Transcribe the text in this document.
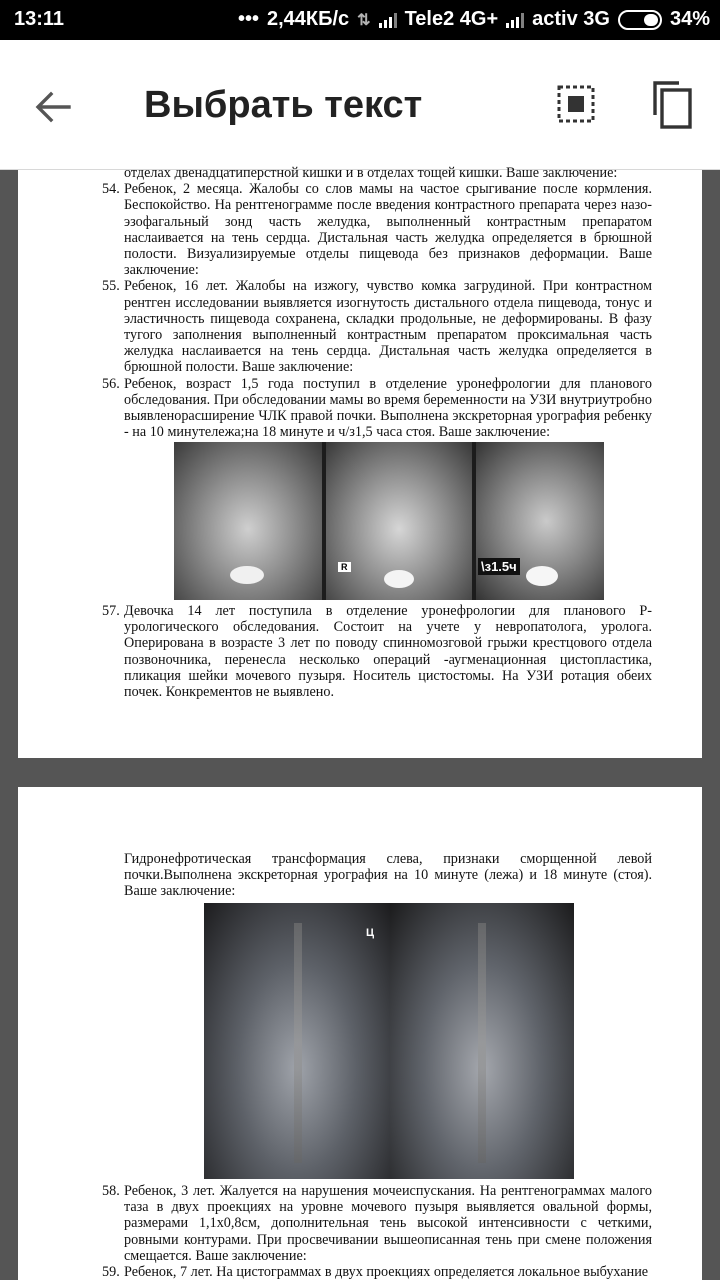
13:11	••• 2,44КБ/с ⇅ Tele2 4G+ activ 3G	34%
Выбрать текст
отделах двенадцатиперстной кишки и в отделах тощей кишки. Ваше заключение:
54. Ребенок, 2 месяца. Жалобы со слов мамы на частое срыгивание после кормления. Беспокойство. На рентгенограмме после введения контрастного препарата через назо-эзофагальный зонд часть желудка, выполненный контрастным препаратом наслаивается на тень сердца. Дистальная часть желудка определяется в брюшной полости. Визуализируемые отделы пищевода без признаков деформации. Ваше заключение:
55. Ребенок, 16 лет. Жалобы на изжогу, чувство комка загрудиной. При контрастном рентген исследовании выявляется изогнутость дистального отдела пищевода, тонус и эластичность пищевода сохранена, складки продольные, не деформированы. В фазу тугого заполнения выполненный контрастным препаратом проксимальная часть желудка наслаивается на тень сердца. Дистальная часть желудка определяется в брюшной полости. Ваше заключение:
56. Ребенок, возраст 1,5 года поступил в отделение уронефрологии для планового обследования. При обследовании мамы во время беременности на УЗИ внутриутробно выявленорасширение ЧЛК правой почки. Выполнена экскреторная урография ребенку - на 10 минутележа;на 18 минуте и ч/з1,5 часа стоя. Ваше заключение:
R	\з1.5ч
57. Девочка 14 лет поступила в отделение уронефрологии для планового Р-урологического обследования. Состоит на учете у невропатолога, уролога. Оперирована в возрасте 3 лет по поводу спинномозговой грыжи крестцового отдела позвоночника, перенесла несколько операций -аугменационная цистопластика, пликация шейки мочевого пузыря. Носитель цистостомы. На УЗИ ротация обеих почек. Конкрементов не выявлено.
Гидронефротическая трансформация слева, признаки сморщенной левой почки.Выполнена экскреторная урография на 10 минуте (лежа) и 18 минуте (стоя). Ваше заключение:
Ц
58. Ребенок, 3 лет. Жалуется на нарушения мочеиспускания. На рентгенограммах малого таза в двух проекциях на уровне мочевого пузыря выявляется овальной формы, размерами 1,1х0,8см, дополнительная тень высокой интенсивности с четкими, ровными контурами. При просвечивании вышеописанная тень при смене положения смещается. Ваше заключение:
59. Ребенок, 7 лет. На цистограммах в двух проекциях определяется локальное выбухание
